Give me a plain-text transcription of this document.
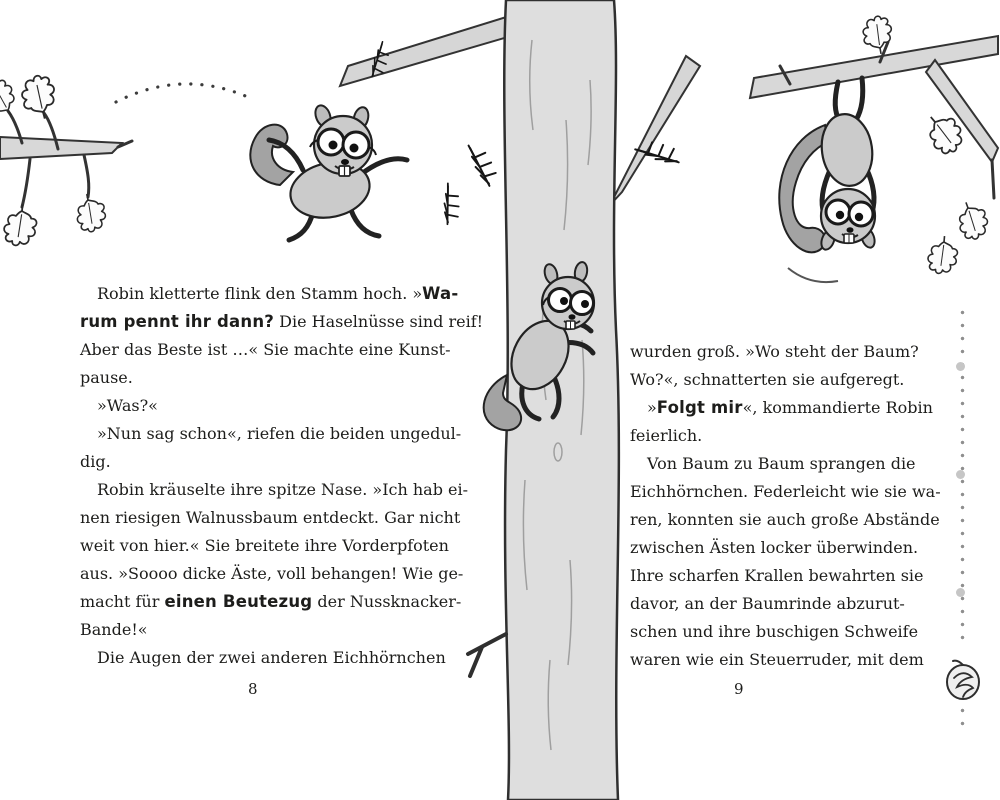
Robin kletterte flink den Stamm hoch. »Wa-
rum pennt ihr dann? Die Haselnüsse sind reif!
Aber das Beste ist …« Sie machte eine Kunst-
pause.
»Was?«
»Nun sag schon«, riefen die beiden ungedul-
dig.
Robin kräuselte ihre spitze Nase. »Ich hab ei-
nen riesigen Walnussbaum entdeckt. Gar nicht
weit von hier.« Sie breitete ihre Vorderpfoten
aus. »Soooo dicke Äste, voll behangen! Wie ge-
macht für einen Beutezug der Nussknacker-
Bande!«
Die Augen der zwei anderen Eichhörnchen
8
wurden groß. »Wo steht der Baum?
Wo?«, schnatterten sie aufgeregt.
»Folgt mir«, kommandierte Robin
feierlich.
Von Baum zu Baum sprangen die
Eichhörnchen. Federleicht wie sie wa-
ren, konnten sie auch große Abstände
zwischen Ästen locker überwinden.
Ihre scharfen Krallen bewahrten sie
davor, an der Baumrinde abzurut-
schen und ihre buschigen Schweife
waren wie ein Steuerruder, mit dem
9
